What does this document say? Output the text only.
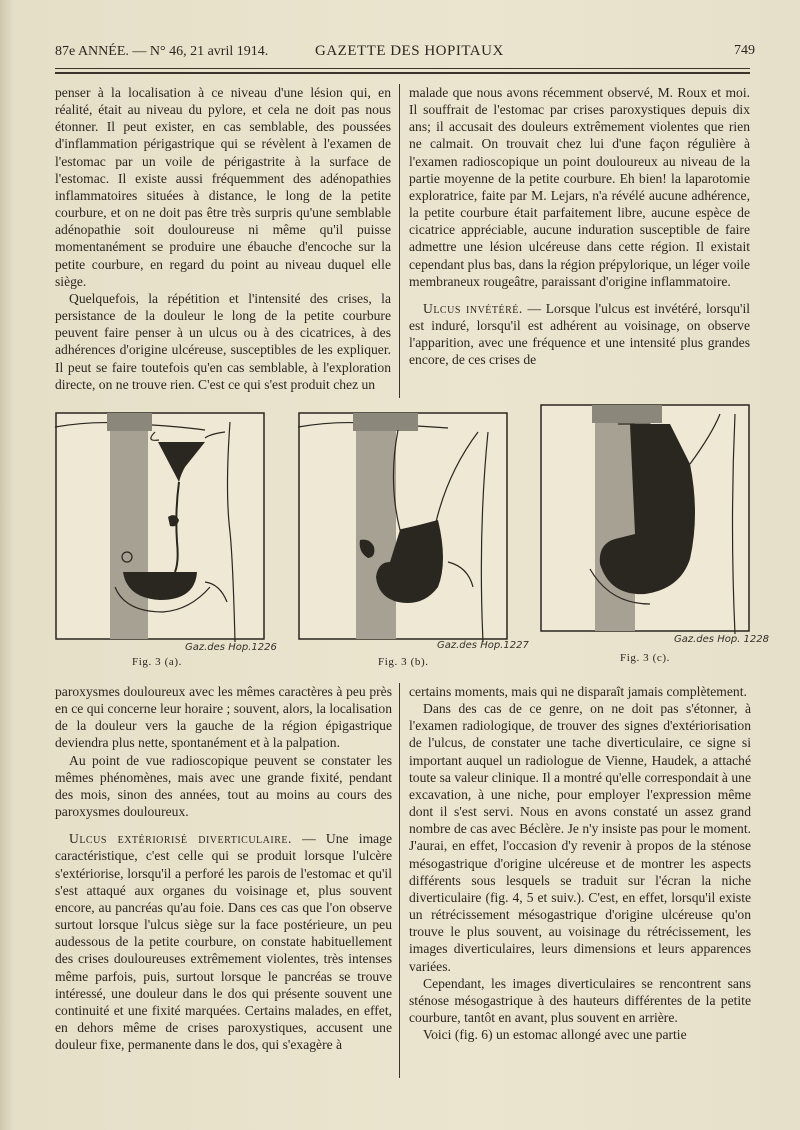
87e ANNÉE. — N° 46, 21 avril 1914.	GAZETTE DES HOPITAUX	749

penser à la localisation à ce niveau d'une lésion qui, en réalité, était au niveau du pylore, et cela ne doit pas nous étonner. Il peut exister, en cas semblable, des poussées d'inflammation périgastrique qui se révèlent à l'examen de l'estomac par un voile de périgastrite à la surface de l'estomac. Il existe aussi fréquemment des adénopathies inflammatoires situées à distance, le long de la petite courbure, et on ne doit pas être très surpris qu'une semblable adénopathie soit douloureuse ni même qu'il puisse momentanément se produire une ébauche d'encoche sur la petite courbure, en regard du point au niveau duquel elle siège.

Quelquefois, la répétition et l'intensité des crises, la persistance de la douleur le long de la petite courbure peuvent faire penser à un ulcus ou à des cicatrices, à des adhérences d'origine ulcéreuse, susceptibles de les expliquer. Il peut se faire toutefois qu'en cas semblable, à l'exploration directe, on ne trouve rien. C'est ce qui s'est produit chez un

malade que nous avons récemment observé, M. Roux et moi. Il souffrait de l'estomac par crises paroxystiques depuis dix ans; il accusait des douleurs extrêmement violentes que rien ne calmait. On trouvait chez lui d'une façon régulière à l'examen radioscopique un point douloureux au niveau de la partie moyenne de la petite courbure. Eh bien! la laparotomie exploratrice, faite par M. Lejars, n'a révélé aucune adhérence, la petite courbure était parfaitement libre, aucune espèce de cicatrice appréciable, aucune induration susceptible de faire admettre une lésion ulcéreuse dans cette région. Il existait cependant plus bas, dans la région prépylorique, un léger voile membraneux rougeâtre, paraissant d'origine inflammatoire.

Ulcus invétéré. — Lorsque l'ulcus est invétéré, lorsqu'il est induré, lorsqu'il est adhérent au voisinage, on observe l'apparition, avec une fréquence et une intensité plus grandes encore, de ces crises de

Gaz.des Hop.1226
Fig. 3 (a).
Gaz.des Hop.1227
Fig. 3 (b).
Gaz.des Hop. 1228
Fig. 3 (c).

paroxysmes douloureux avec les mêmes caractères à peu près en ce qui concerne leur horaire ; souvent, alors, la localisation de la douleur vers la gauche de la région épigastrique deviendra plus nette, spontanément et à la palpation.

Au point de vue radioscopique peuvent se constater les mêmes phénomènes, mais avec une grande fixité, pendant des mois, sinon des années, tout au moins au cours des paroxysmes douloureux.

Ulcus extériorisé diverticulaire. — Une image caractéristique, c'est celle qui se produit lorsque l'ulcère s'extériorise, lorsqu'il a perforé les parois de l'estomac et qu'il s'est attaqué aux organes du voisinage et, plus souvent encore, au pancréas qu'au foie. Dans ces cas que l'on observe surtout lorsque l'ulcus siège sur la face postérieure, un peu audessous de la petite courbure, on constate habituellement des crises douloureuses extrêmement violentes, très intenses même parfois, puis, surtout lorsque le pancréas se trouve intéressé, une douleur dans le dos qui présente souvent une continuité et une fixité marquées. Certains malades, en effet, en dehors même de crises paroxystiques, accusent une douleur fixe, permanente dans le dos, qui s'exagère à

certains moments, mais qui ne disparaît jamais complètement.

Dans des cas de ce genre, on ne doit pas s'étonner, à l'examen radiologique, de trouver des signes d'extériorisation de l'ulcus, de constater une tache diverticulaire, ce signe si important auquel un radiologue de Vienne, Haudek, a attaché toute sa valeur clinique. Il a montré qu'elle correspondait à une excavation, à une niche, pour employer l'expression même dont il s'est servi. Nous en avons constaté un assez grand nombre de cas avec Béclère. Je n'y insiste pas pour le moment. J'aurai, en effet, l'occasion d'y revenir à propos de la sténose mésogastrique d'origine ulcéreuse et de montrer les aspects différents sous lesquels se traduit sur l'écran la niche diverticulaire (fig. 4, 5 et suiv.). C'est, en effet, lorsqu'il existe un rétrécissement mésogastrique d'origine ulcéreuse qu'on trouve le plus souvent, au voisinage du rétrécissement, les images diverticulaires, leurs dimensions et leurs apparences variées.

Cependant, les images diverticulaires se rencontrent sans sténose mésogastrique à des hauteurs différentes de la petite courbure, tantôt en avant, plus souvent en arrière.

Voici (fig. 6) un estomac allongé avec une partie
